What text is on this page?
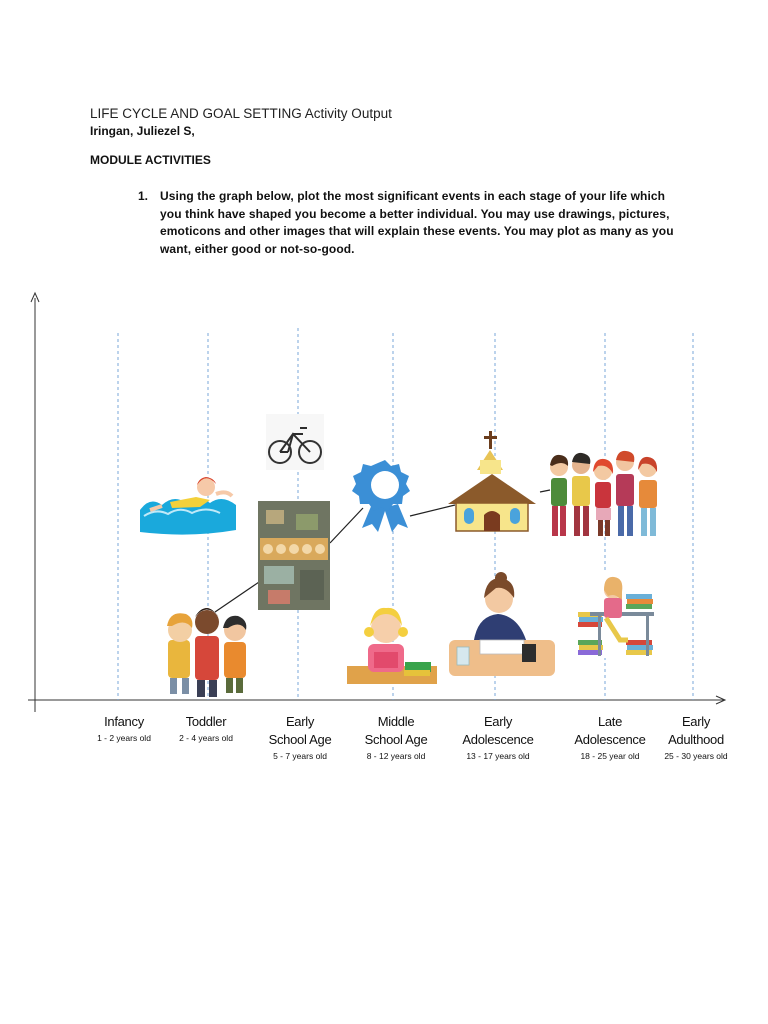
LIFE CYCLE AND GOAL SETTING Activity Output
Iringan, Juliezel S,
MODULE ACTIVITIES
1. Using the graph below, plot the most significant events in each stage of your life which you think have shaped you become a better individual. You may use drawings, pictures, emoticons and other images that will explain these events. You may plot as many as you want, either good or not-so-good.
Infancy
1 - 2 years old
Toddler
2 - 4 years old
Early
School Age
5 - 7 years old
Middle
School Age
8 - 12 years old
Early
Adolescence
13 - 17 years old
Late
Adolescence
18 - 25 year old
Early
Adulthood
25 - 30 years old
